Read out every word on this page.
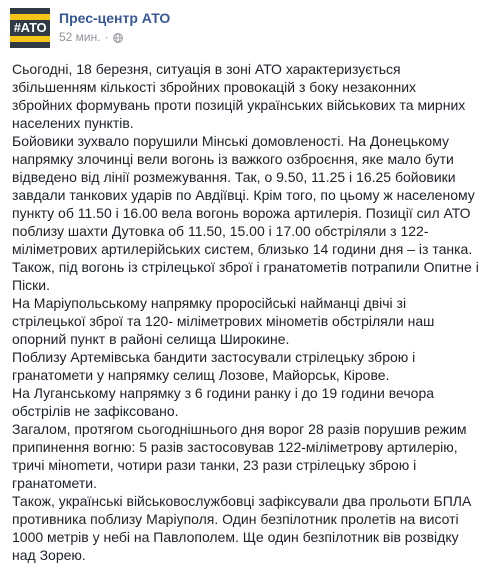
#АТО
Прес-центр АТО
52 мин. ·

Сьогодні, 18 березня, ситуація в зоні АТО характеризується збільшенням кількості збройних провокацій з боку незаконних збройних формувань проти позицій українських військових та мирних населених пунктів.

Бойовики зухвало порушили Мінські домовленості. На Донецькому напрямку злочинці вели вогонь із важкого озброєння, яке мало бути відведено від лінії розмежування. Так, о 9.50, 11.25 і 16.25 бойовики завдали танкових ударів по Авдіївці. Крім того, по цьому ж населеному пункту об 11.50 і 16.00 вела вогонь ворожа артилерія. Позиції сил АТО поблизу шахти Дутовка об 11.50, 15.00 і 17.00 обстріляли з 122-міліметрових артилерійських систем, близько 14 години дня – із танка. Також, під вогонь із стрілецької зброї і гранатометів потрапили Опитне і Піски.

На Маріупольському напрямку проросійські найманці двічі зі стрілецької зброї та 120- міліметрових мінометів обстріляли наш опорний пункт в районі селища Широкине.

Поблизу Артемівська бандити застосували стрілецьку зброю і гранатомети у напрямку селищ Лозове, Майорськ, Кірове.

На Луганському напрямку з 6 години ранку і до 19 години вечора обстрілів не зафіксовано.

Загалом, протягом сьогоднішнього дня ворог 28 разів порушив режим припинення вогню: 5 разів застосовував 122-міліметрову артилерію, тричі мінomети, чотири рази танки, 23 рази стрілецьку зброю і гранатомети.

Також, українські військовослужбовці зафіксували два прольоти БПЛА противника поблизу Маріуполя. Один безпілотник пролетів на висоті 1000 метрів у небі на Павлополем. Ще один безпілотник вів розвідку над Зорею.
